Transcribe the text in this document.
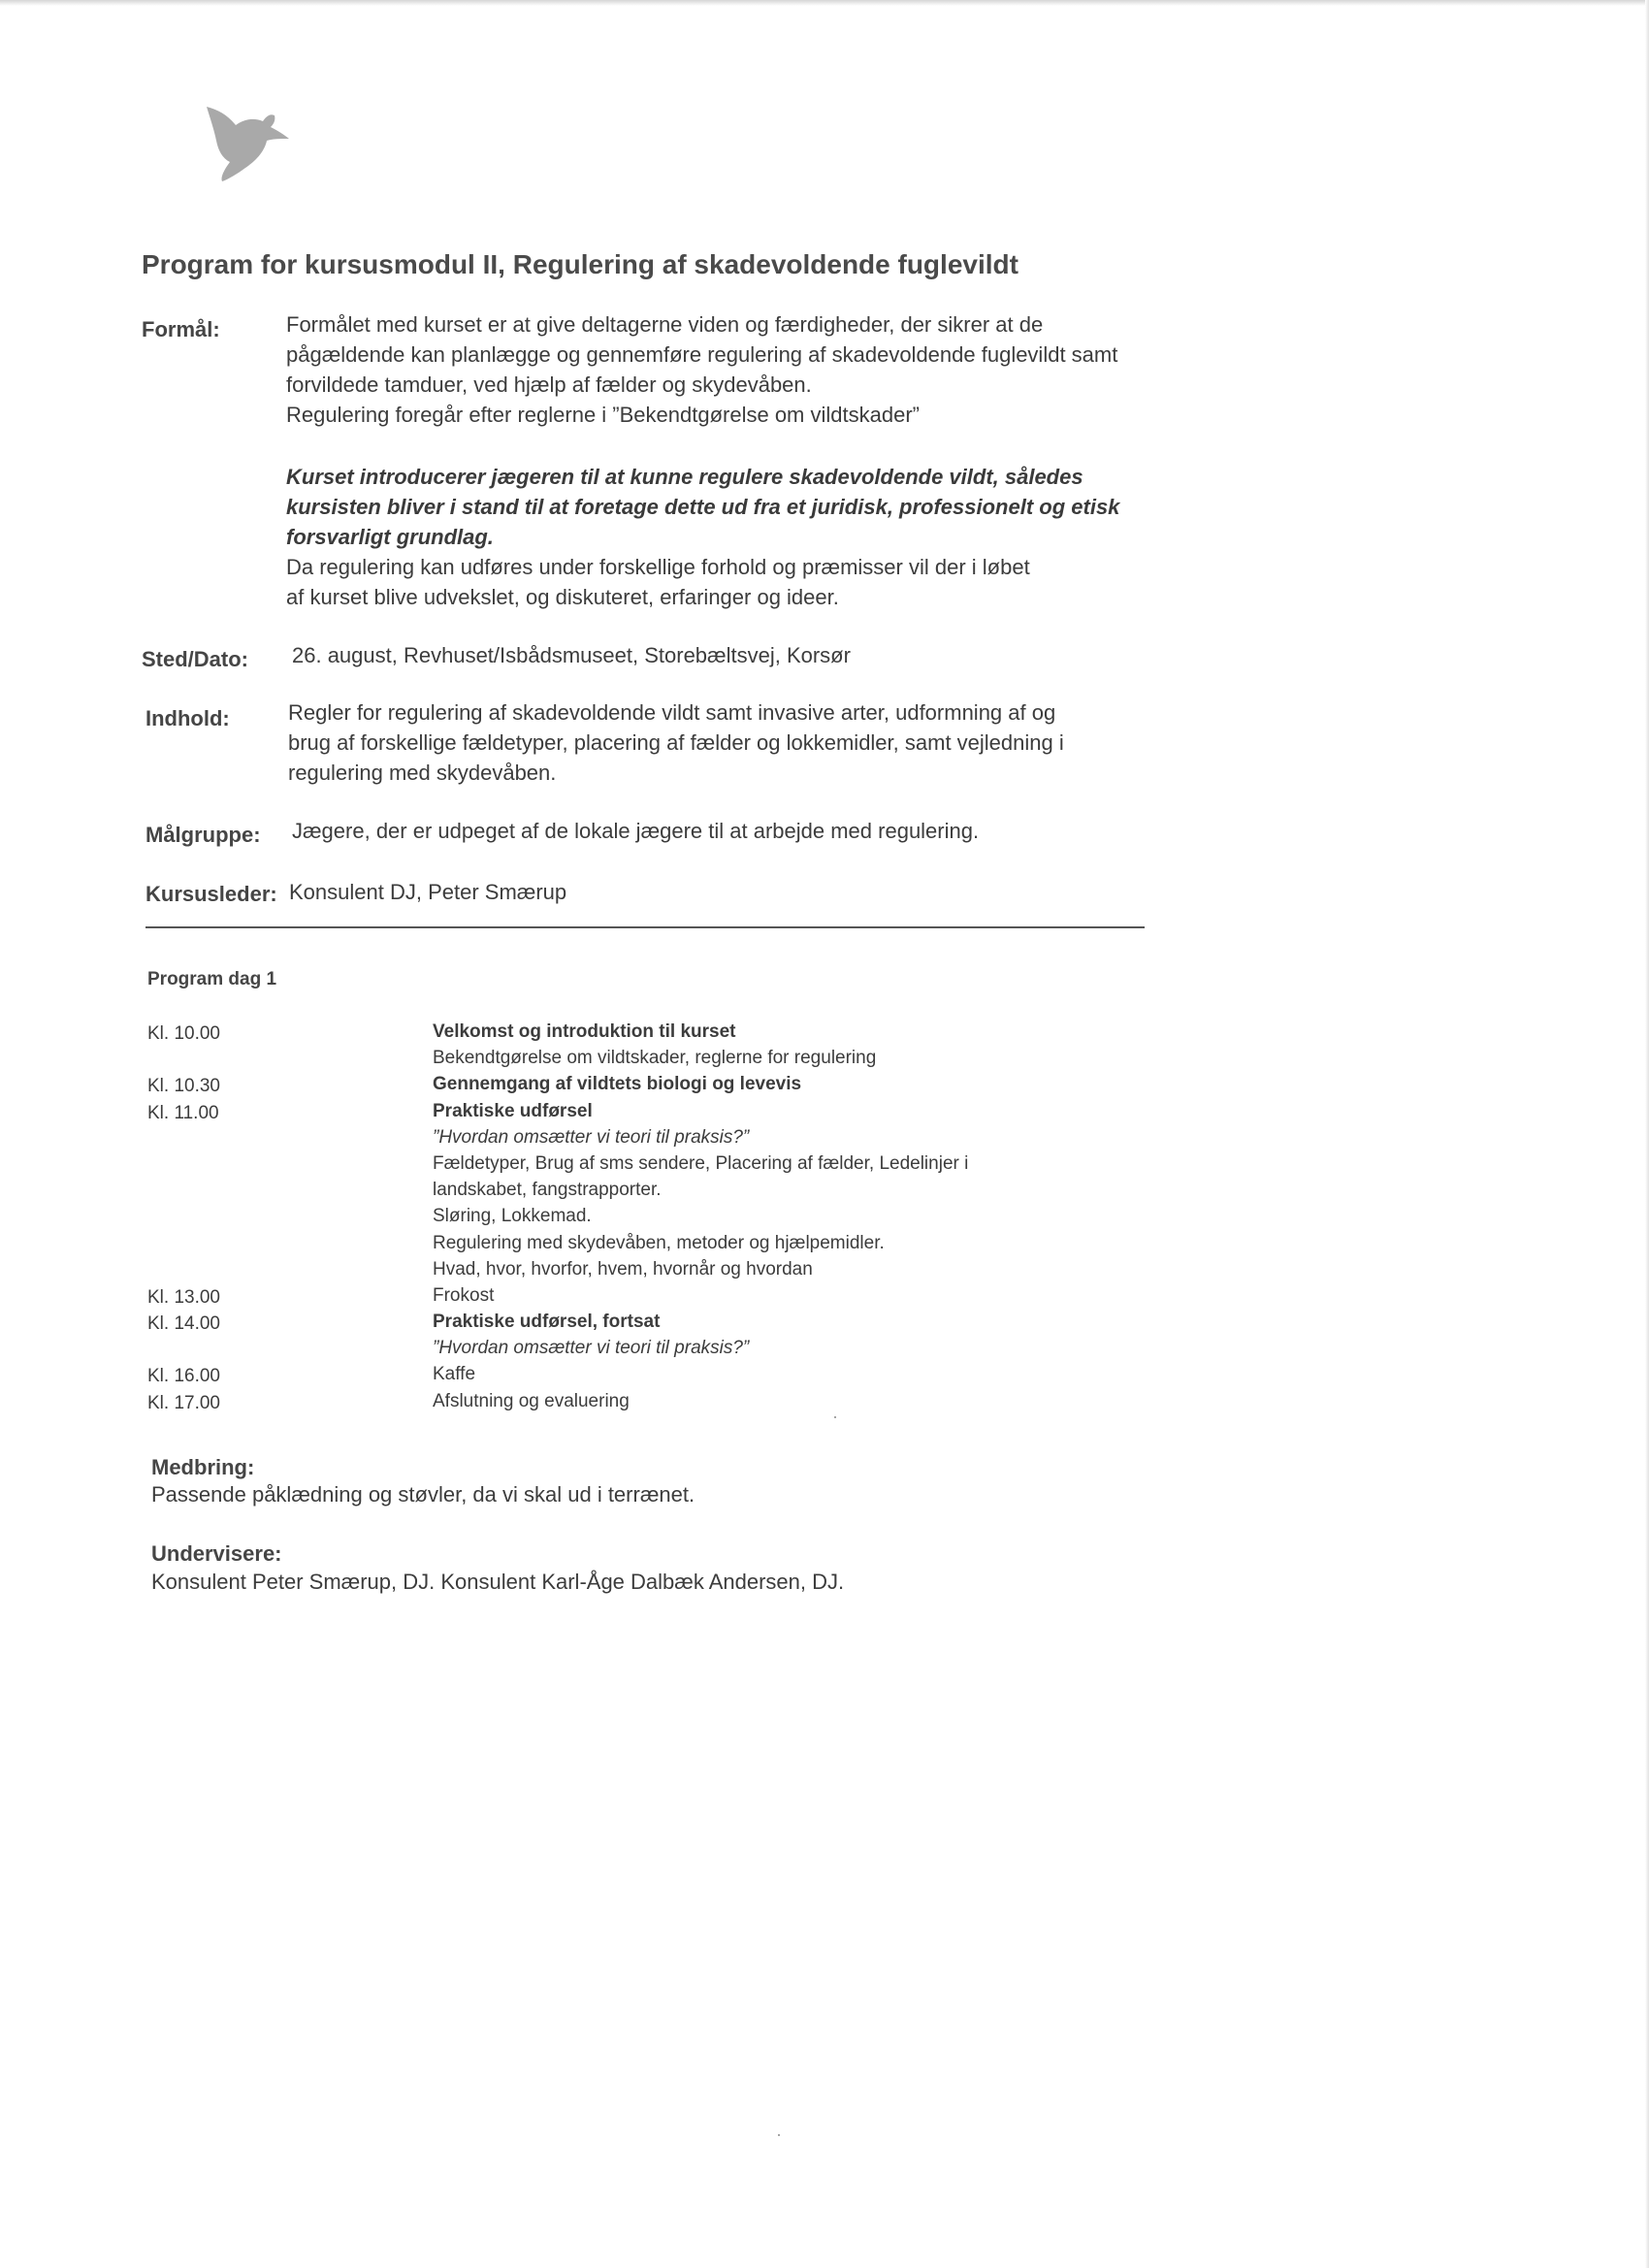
Program for kursusmodul II, Regulering af skadevoldende fuglevildt
Formål:	Formålet med kurset er at give deltagerne viden og færdigheder, der sikrer at de
pågældende kan planlægge og gennemføre regulering af skadevoldende fuglevildt samt
forvildede tamduer, ved hjælp af fælder og skydevåben.
Regulering foregår efter reglerne i ”Bekendtgørelse om vildtskader”
Kurset introducerer jægeren til at kunne regulere skadevoldende vildt, således
kursisten bliver i stand til at foretage dette ud fra et juridisk, professionelt og etisk
forsvarligt grundlag.
Da regulering kan udføres under forskellige forhold og præmisser vil der i løbet
af kurset blive udvekslet, og diskuteret, erfaringer og ideer.
Sted/Dato: 26. august, Revhuset/Isbådsmuseet, Storebæltsvej, Korsør
Indhold:	Regler for regulering af skadevoldende vildt samt invasive arter, udformning af og
brug af forskellige fældetyper, placering af fælder og lokkemidler, samt vejledning i
regulering med skydevåben.
Målgruppe: Jægere, der er udpeget af de lokale jægere til at arbejde med regulering.
Kursusleder: Konsulent DJ, Peter Smærup
Program dag 1
Kl. 10.00
Kl. 10.30
Kl. 11.00
Kl. 13.00
Kl. 14.00
Kl. 16.00
Kl. 17.00
Velkomst og introduktion til kurset
Bekendtgørelse om vildtskader, reglerne for regulering
Gennemgang af vildtets biologi og levevis
Praktiske udførsel
”Hvordan omsætter vi teori til praksis?”
Fældetyper, Brug af sms sendere, Placering af fælder, Ledelinjer i
landskabet, fangstrapporter.
Sløring, Lokkemad.
Regulering med skydevåben, metoder og hjælpemidler.
Hvad, hvor, hvorfor, hvem, hvornår og hvordan
Frokost
Praktiske udførsel, fortsat
”Hvordan omsætter vi teori til praksis?”
Kaffe
Afslutning og evaluering
Medbring:
Passende påklædning og støvler, da vi skal ud i terrænet.
Undervisere:
Konsulent Peter Smærup, DJ. Konsulent Karl-Åge Dalbæk Andersen, DJ.
